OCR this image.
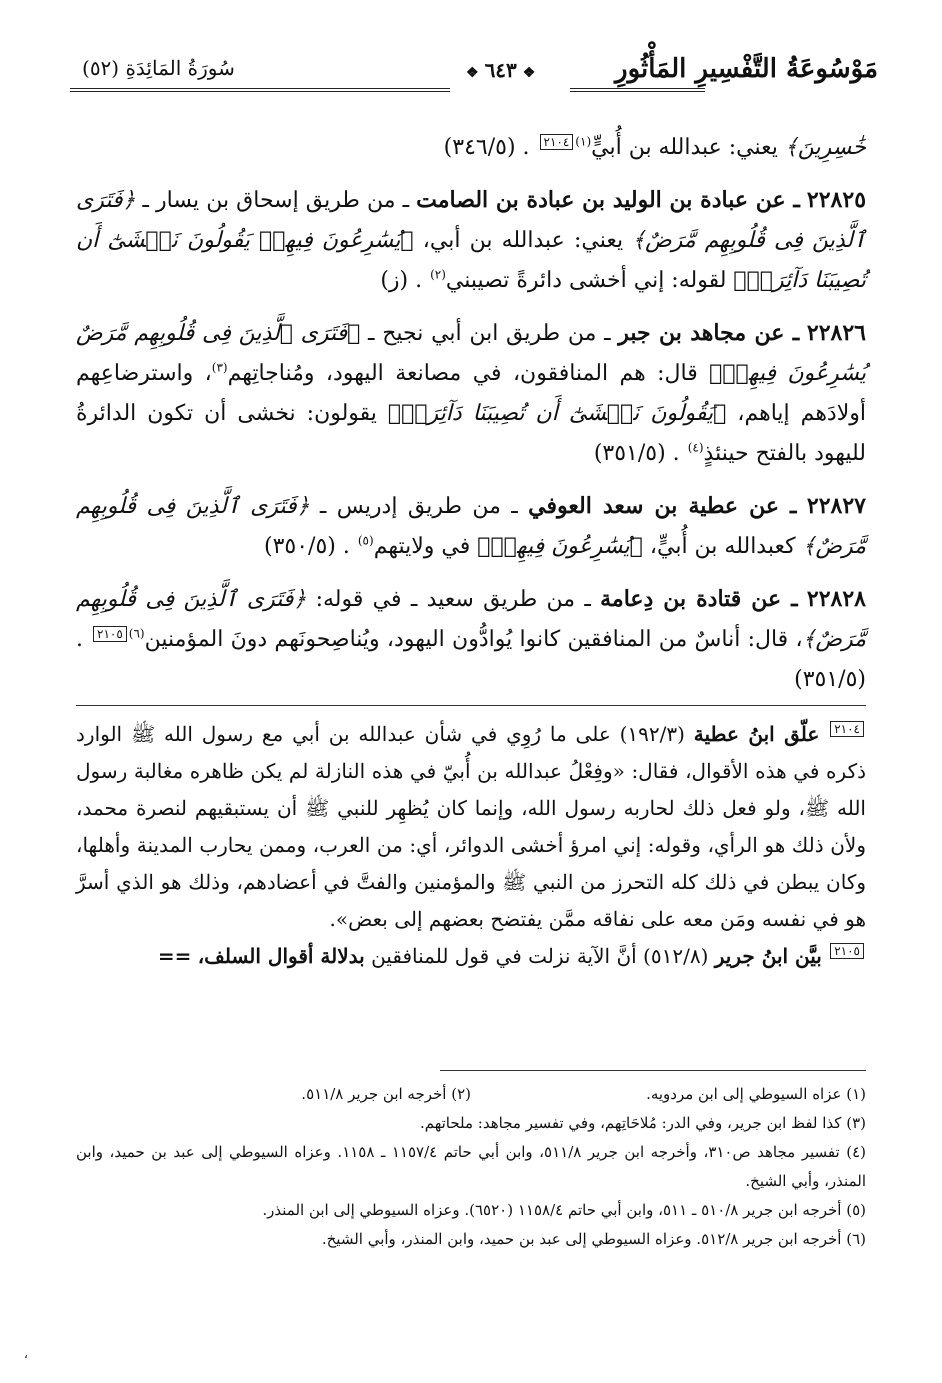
مَوْسُوعَةُ التَّفْسِيرِ المَأْثُورِ
❖ ٦٤٣ ❖
سُورَةُ المَائِدَةِ (٥٢)

خَٰسِرِينَ﴾ يعني: عبدالله بن أُبيٍّ$^{(١)}$٢١٠٤. (٣٤٦/٥)

٢٢٨٢٥ ـ عن عبادة بن الوليد بن عبادة بن الصامت ـ من طريق إسحاق بن يسار ـ ﴿فَتَرَى ٱلَّذِينَ فِى قُلُوبِهِم مَّرَضٌ﴾ يعني: عبدالله بن أبي، ﴿يُسَٰرِعُونَ فِيهِمۡ يَقُولُونَ نَخۡشَىٰٓ أَن تُصِيبَنَا دَآئِرَةٞ﴾ لقوله: إني أخشى دائرةً تصيبني$^{(٢)}$. (ز)

٢٢٨٢٦ ـ عن مجاهد بن جبر ـ من طريق ابن أبي نجيح ـ ﴿فَتَرَى ٱلَّذِينَ فِى قُلُوبِهِم مَّرَضٌ يُسَٰرِعُونَ فِيهِمۡ﴾ قال: هم المنافقون، في مصانعة اليهود، ومُناجاتِهم$^{(٣)}$، واسترضاعِهم أولادَهم إياهم، ﴿يَقُولُونَ نَخۡشَىٰٓ أَن تُصِيبَنَا دَآئِرَةٞ﴾ يقولون: نخشى أن تكون الدائرةُ لليهود بالفتح حينئذٍ$^{(٤)}$. (٣٥١/٥)

٢٢٨٢٧ ـ عن عطية بن سعد العوفي ـ من طريق إدريس ـ ﴿فَتَرَى ٱلَّذِينَ فِى قُلُوبِهِم مَّرَضٌ﴾ كعبدالله بن أُبيٍّ، ﴿يُسَٰرِعُونَ فِيهِمۡ﴾ في ولايتهم$^{(٥)}$. (٣٥٠/٥)

٢٢٨٢٨ ـ عن قتادة بن دِعامة ـ من طريق سعيد ـ في قوله: ﴿فَتَرَى ٱلَّذِينَ فِى قُلُوبِهِم مَّرَضٌ﴾، قال: أناسٌ من المنافقين كانوا يُوادُّون اليهود، ويُناصِحونَهم دونَ المؤمنين$^{(٦)}$٢١٠٥. (٣٥١/٥)

٢١٠٤ علّق ابنُ عطية (١٩٢/٣) على ما رُوِي في شأن عبدالله بن أبي مع رسول الله ﷺ الوارد ذكره في هذه الأقوال، فقال: «وفِعْلُ عبدالله بن أُبيّ في هذه النازلة لم يكن ظاهره مغالبة رسول الله ﷺ، ولو فعل ذلك لحاربه رسول الله، وإنما كان يُظهِر للنبي ﷺ أن يستبقيهم لنصرة محمد، ولأن ذلك هو الرأي، وقوله: إني امرؤ أخشى الدوائر، أي: من العرب، وممن يحارب المدينة وأهلها، وكان يبطن في ذلك كله التحرز من النبي ﷺ والمؤمنين والفتَّ في أعضادهم، وذلك هو الذي أسرَّ هو في نفسه ومَن معه على نفاقه ممَّن يفتضح بعضهم إلى بعض».

٢١٠٥ بيَّن ابنُ جرير (٥١٢/٨) أنَّ الآية نزلت في قول للمنافقين بدلالة أقوال السلف، ==

(١) عزاه السيوطي إلى ابن مردويه.
(٢) أخرجه ابن جرير ٥١١/٨.

(٣) كذا لفظ ابن جرير، وفي الدر: مُلاحَاتِهم، وفي تفسير مجاهد: ملحاتهم.

(٤) تفسير مجاهد ص٣١٠، وأخرجه ابن جرير ٥١١/٨، وابن أبي حاتم ١١٥٧/٤ ـ ١١٥٨. وعزاه السيوطي إلى عبد بن حميد، وابن المنذر، وأبي الشيخ.

(٥) أخرجه ابن جرير ٥١٠/٨ ـ ٥١١، وابن أبي حاتم ١١٥٨/٤ (٦٥٢٠). وعزاه السيوطي إلى ابن المنذر.

(٦) أخرجه ابن جرير ٥١٢/٨. وعزاه السيوطي إلى عبد بن حميد، وابن المنذر، وأبي الشيخ.

،
